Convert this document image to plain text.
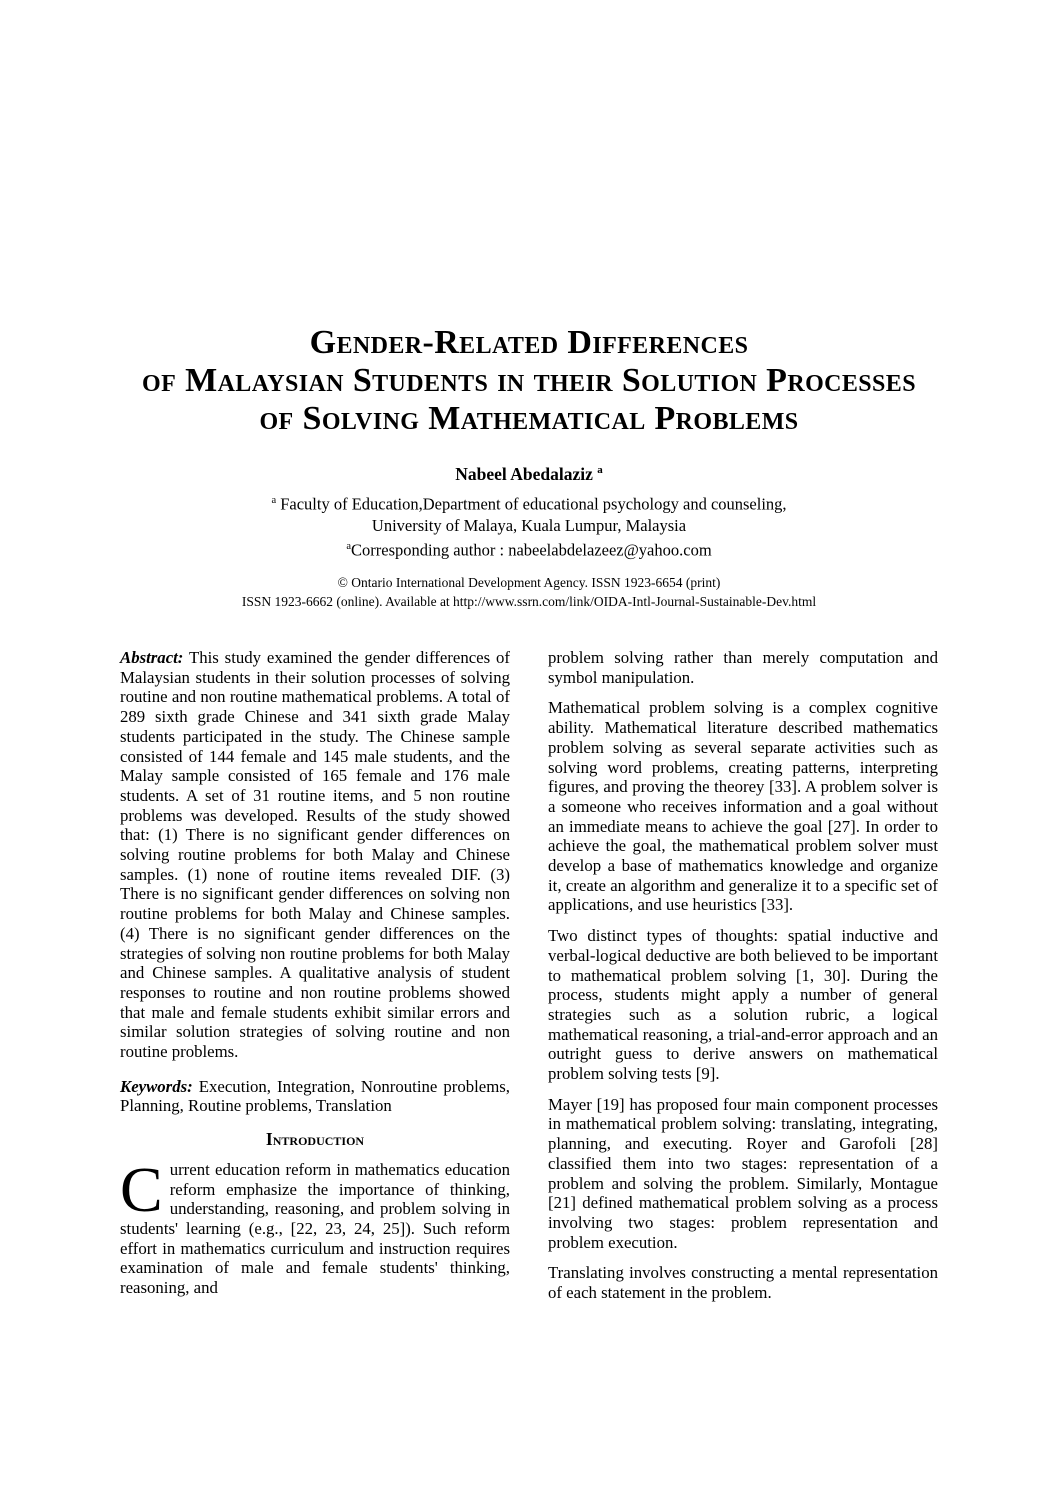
Gender-Related Differences
of Malaysian Students in their Solution Processes
of Solving Mathematical Problems
Nabeel Abedalaziz $^a$
$^a$ Faculty of Education,Department of educational psychology and counseling,
University of Malaya, Kuala Lumpur, Malaysia
$^a$Corresponding author : nabeelabdelazeez@yahoo.com
© Ontario International Development Agency. ISSN 1923-6654 (print)
ISSN 1923-6662 (online). Available at http://www.ssrn.com/link/OIDA-Intl-Journal-Sustainable-Dev.html

Abstract: This study examined the gender differences of Malaysian students in their solution processes of solving routine and non routine mathematical problems. A total of 289 sixth grade Chinese and 341 sixth grade Malay students participated in the study. The Chinese sample consisted of 144 female and 145 male students, and the Malay sample consisted of 165 female and 176 male students. A set of 31 routine items, and 5 non routine problems was developed. Results of the study showed that: (1) There is no significant gender differences on solving routine problems for both Malay and Chinese samples. (1) none of routine items revealed DIF. (3) There is no significant gender differences on solving non routine problems for both Malay and Chinese samples. (4) There is no significant gender differences on the strategies of solving non routine problems for both Malay and Chinese samples. A qualitative analysis of student responses to routine and non routine problems showed that male and female students exhibit similar errors and similar solution strategies of solving routine and non routine problems.

Keywords: Execution, Integration, Nonroutine problems, Planning, Routine problems, Translation

Introduction

Current education reform in mathematics education reform emphasize the importance of thinking, understanding, reasoning, and problem solving in students' learning (e.g., [22, 23, 24, 25]). Such reform effort in mathematics curriculum and instruction requires examination of male and female students' thinking, reasoning, and

problem solving rather than merely computation and symbol manipulation.

Mathematical problem solving is a complex cognitive ability. Mathematical literature described mathematics problem solving as several separate activities such as solving word problems, creating patterns, interpreting figures, and proving the theorey [33]. A problem solver is a someone who receives information and a goal without an immediate means to achieve the goal [27]. In order to achieve the goal, the mathematical problem solver must develop a base of mathematics knowledge and organize it, create an algorithm and generalize it to a specific set of applications, and use heuristics [33].

Two distinct types of thoughts: spatial inductive and verbal-logical deductive are both believed to be important to mathematical problem solving [1, 30]. During the process, students might apply a number of general strategies such as a solution rubric, a logical mathematical reasoning, a trial-and-error approach and an outright guess to derive answers on mathematical problem solving tests [9].

Mayer [19] has proposed four main component processes in mathematical problem solving: translating, integrating, planning, and executing. Royer and Garofoli [28] classified them into two stages: representation of a problem and solving the problem. Similarly, Montague [21] defined mathematical problem solving as a process involving two stages: problem representation and problem execution.

Translating involves constructing a mental representation of each statement in the problem.
